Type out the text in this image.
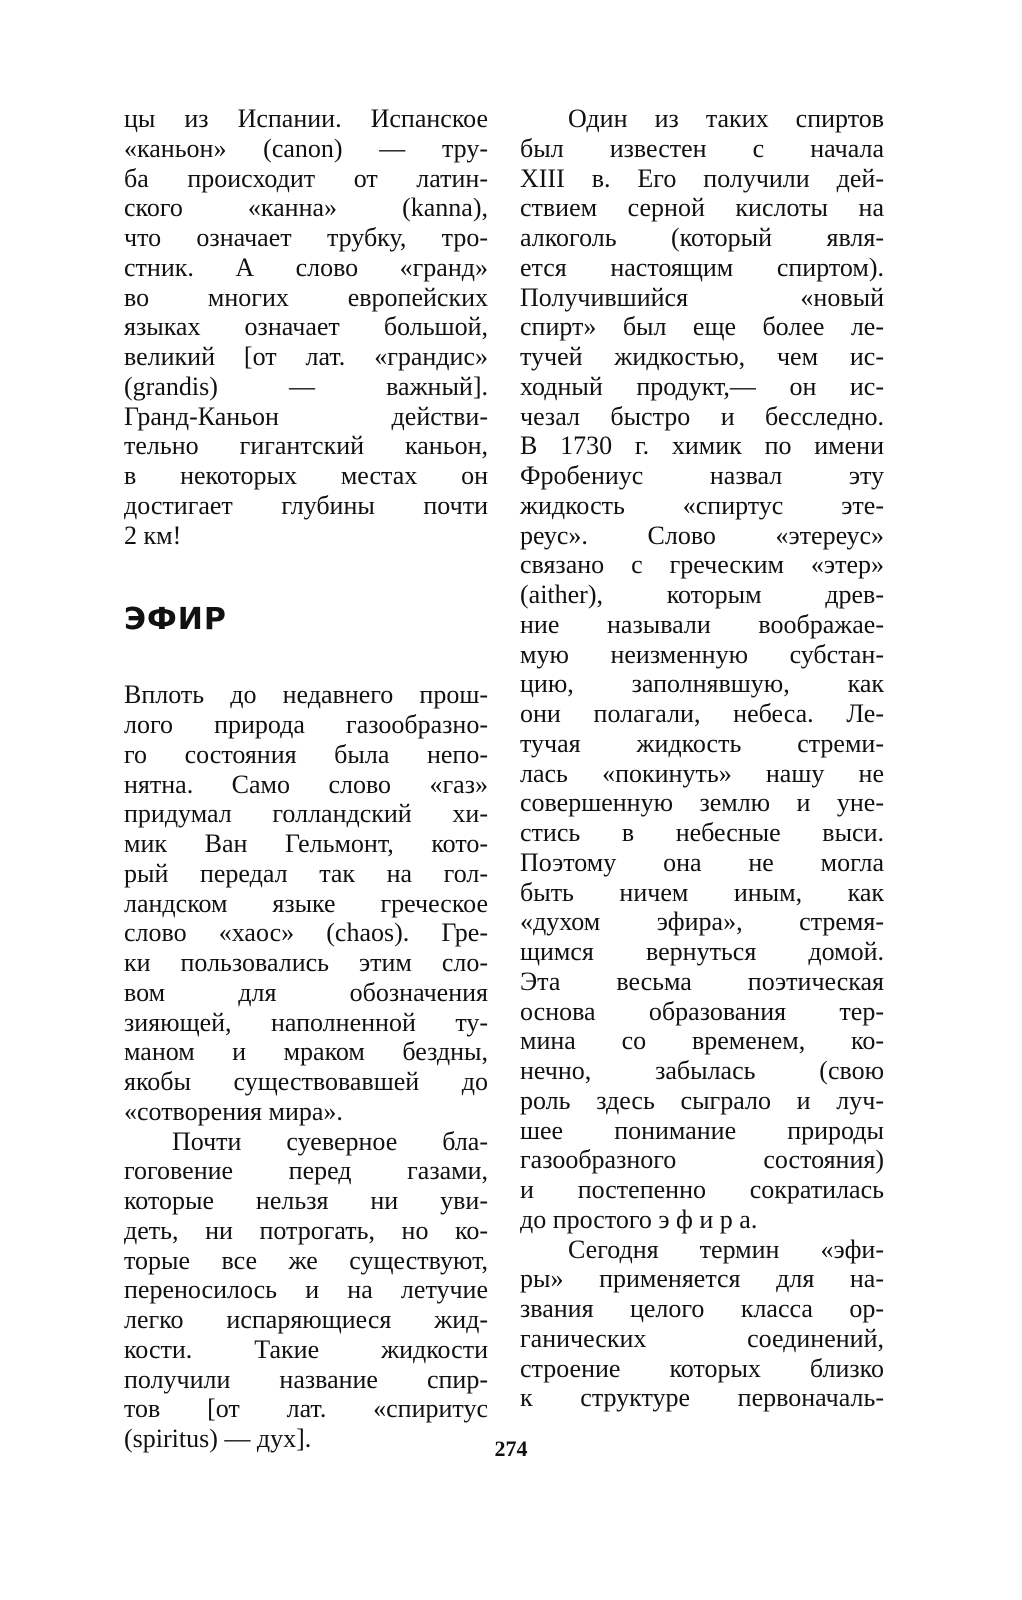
цы из Испании. Испанское
«каньон» (canon) — тру-
ба происходит от латин-
ского «канна» (kanna),
что означает трубку, тро-
стник. А слово «гранд»
во многих европейских
языках означает большой,
великий [от лат. «грандис»
(grandis) — важный].
Гранд-Каньон действи-
тельно гигантский каньон,
в некоторых местах он
достигает глубины почти
2 км!
ЭФИР
Вплоть до недавнего прош-
лого природа газообразно-
го состояния была непо-
нятна. Само слово «газ»
придумал голландский хи-
мик Ван Гельмонт, кото-
рый передал так на гол-
ландском языке греческое
слово «хаос» (chaos). Гре-
ки пользовались этим сло-
вом для обозначения
зияющей, наполненной ту-
маном и мраком бездны,
якобы существовавшей до
«сотворения мира».
Почти суеверное бла-
гоговение перед газами,
которые нельзя ни уви-
деть, ни потрогать, но ко-
торые все же существуют,
переносилось и на летучие
легко испаряющиеся жид-
кости. Такие жидкости
получили название спир-
тов [от лат. «спиритус
(spiritus) — дух].
Один из таких спиртов
был известен с начала
XIII в. Его получили дей-
ствием серной кислоты на
алкоголь (который явля-
ется настоящим спиртом).
Получившийся «новый
спирт» был еще более ле-
тучей жидкостью, чем ис-
ходный продукт,— он ис-
чезал быстро и бесследно.
В 1730 г. химик по имени
Фробениус назвал эту
жидкость «спиртус эте-
реус». Слово «этереус»
связано с греческим «этер»
(aither), которым древ-
ние называли воображае-
мую неизменную субстан-
цию, заполнявшую, как
они полагали, небеса. Ле-
тучая жидкость стреми-
лась «покинуть» нашу не
совершенную землю и уне-
стись в небесные выси.
Поэтому она не могла
быть ничем иным, как
«духом эфира», стремя-
щимся вернуться домой.
Эта весьма поэтическая
основа образования тер-
мина со временем, ко-
нечно, забылась (свою
роль здесь сыграло и луч-
шее понимание природы
газообразного состояния)
и постепенно сократилась
до простого э ф и р а.
Сегодня термин «эфи-
ры» применяется для на-
звания целого класса ор-
ганических соединений,
строение которых близко
к структуре первоначаль-
274
